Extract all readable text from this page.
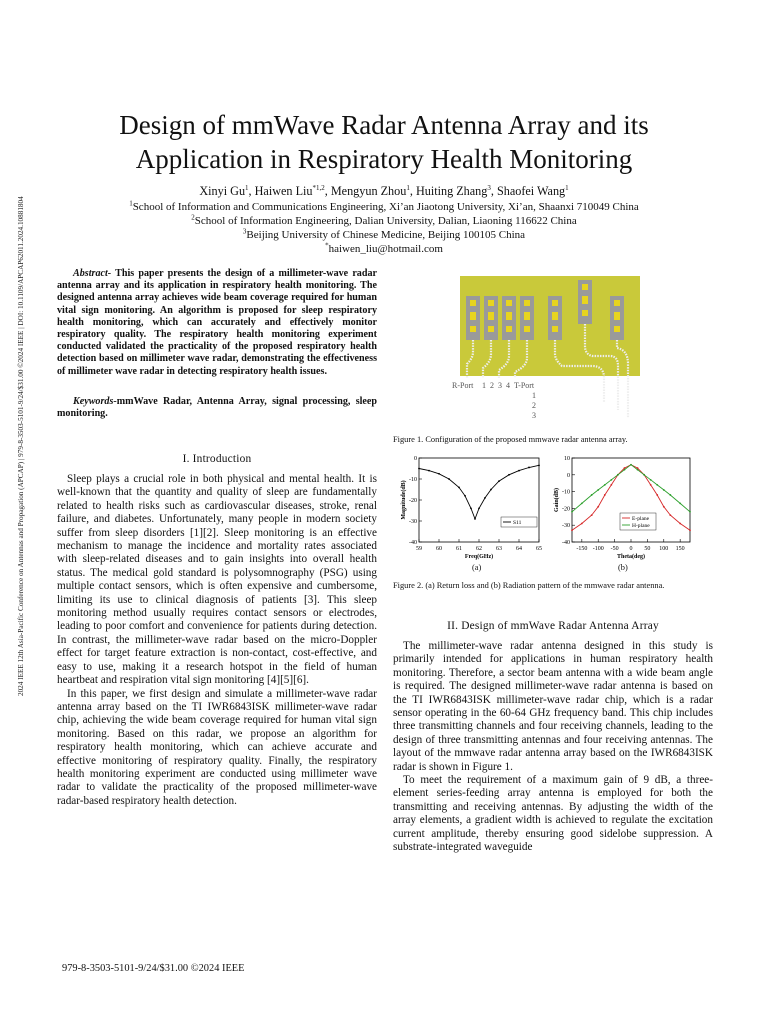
2024 IEEE 12th Asia-Pacific Conference on Antennas and Propagation (APCAP) | 979-8-3503-5101-9/24/$31.00 ©2024 IEEE | DOI: 10.1109/APCAP62011.2024.10881804
Design of mmWave Radar Antenna Array and its
Application in Respiratory Health Monitoring
Xinyi Gu$^1$, Haiwen Liu$^{*1,2}$, Mengyun Zhou$^1$, Huiting Zhang$^3$, Shaofei Wang$^1$
$^1$School of Information and Communications Engineering, Xi’an Jiaotong University, Xi’an, Shaanxi 710049 China
$^2$School of Information Engineering, Dalian University, Dalian, Liaoning 116622 China
$^3$Beijing University of Chinese Medicine, Beijing 100105 China
*haiwen_liu@hotmail.com
Abstract- This paper presents the design of a millimeter-wave radar antenna array and its application in respiratory health monitoring. The designed antenna array achieves wide beam coverage required for human vital sign monitoring. An algorithm is proposed for sleep respiratory health monitoring, which can accurately and effectively monitor respiratory quality. The respiratory health monitoring experiment conducted validated the practicality of the proposed respiratory health detection based on millimeter wave radar, demonstrating the effectiveness of millimeter wave radar in detecting respiratory health issues.
Keywords-mmWave Radar, Antenna Array, signal processing, sleep monitoring.
I. Introduction

Sleep plays a crucial role in both physical and mental health. It is well-known that the quantity and quality of sleep are fundamentally related to health risks such as cardiovascular diseases, stroke, renal failure, and diabetes. Unfortunately, many people in modern society suffer from sleep disorders [1][2]. Sleep monitoring is an effective mechanism to manage the incidence and mortality rates associated with sleep-related diseases and to gain insights into overall health status. The medical gold standard is polysomnography (PSG) using multiple contact sensors, which is often expensive and cumbersome, limiting its use to clinical diagnosis of patients [3]. This sleep monitoring method usually requires contact sensors or electrodes, leading to poor comfort and convenience for patients during detection. In contrast, the millimeter-wave radar based on the micro-Doppler effect for target feature extraction is non-contact, cost-effective, and easy to use, making it a research hotspot in the field of human heartbeat and respiration vital sign monitoring [4][5][6].

In this paper, we first design and simulate a millimeter-wave radar antenna array based on the TI IWR6843ISK millimeter-wave radar chip, achieving the wide beam coverage required for human vital sign monitoring. Based on this radar, we propose an algorithm for respiratory health monitoring, which can achieve accurate and effective monitoring of respiratory quality. Finally, the respiratory health monitoring experiment are conducted using millimeter wave radar to validate the practicality of the proposed millimeter-wave radar-based respiratory health detection.

R-Port 1 2 3 4 T-Port
1
2
3
Figure 1. Configuration of the proposed mmwave radar antenna array.
59 60 61 62 63 64 65
0
-10
-20
-30
-40
Freq(GHz)
Magnitude(dB)
S11
-150 -100 -50 0 50 100 150
10
0
-10
-20
-30
-40
Theta(deg)
Gain(dB)
E-plane
H-plane
(a)	(b)
Figure 2. (a) Return loss and (b) Radiation pattern of the mmwave radar antenna.
II. Design of mmWave Radar Antenna Array

The millimeter-wave radar antenna designed in this study is primarily intended for applications in human respiratory health monitoring. Therefore, a sector beam antenna with a wide beam angle is required. The designed millimeter-wave radar antenna is based on the TI IWR6843ISK millimeter-wave radar chip, which is a radar sensor operating in the 60-64 GHz frequency band. This chip includes three transmitting channels and four receiving channels, leading to the design of three transmitting antennas and four receiving antennas. The layout of the mmwave radar antenna array based on the IWR6843ISK radar is shown in Figure 1.

To meet the requirement of a maximum gain of 9 dB, a three-element series-feeding array antenna is employed for both the transmitting and receiving antennas. By adjusting the width of the array elements, a gradient width is achieved to regulate the excitation current amplitude, thereby ensuring good sidelobe suppression. A substrate-integrated waveguide

979-8-3503-5101-9/24/$31.00 ©2024 IEEE
